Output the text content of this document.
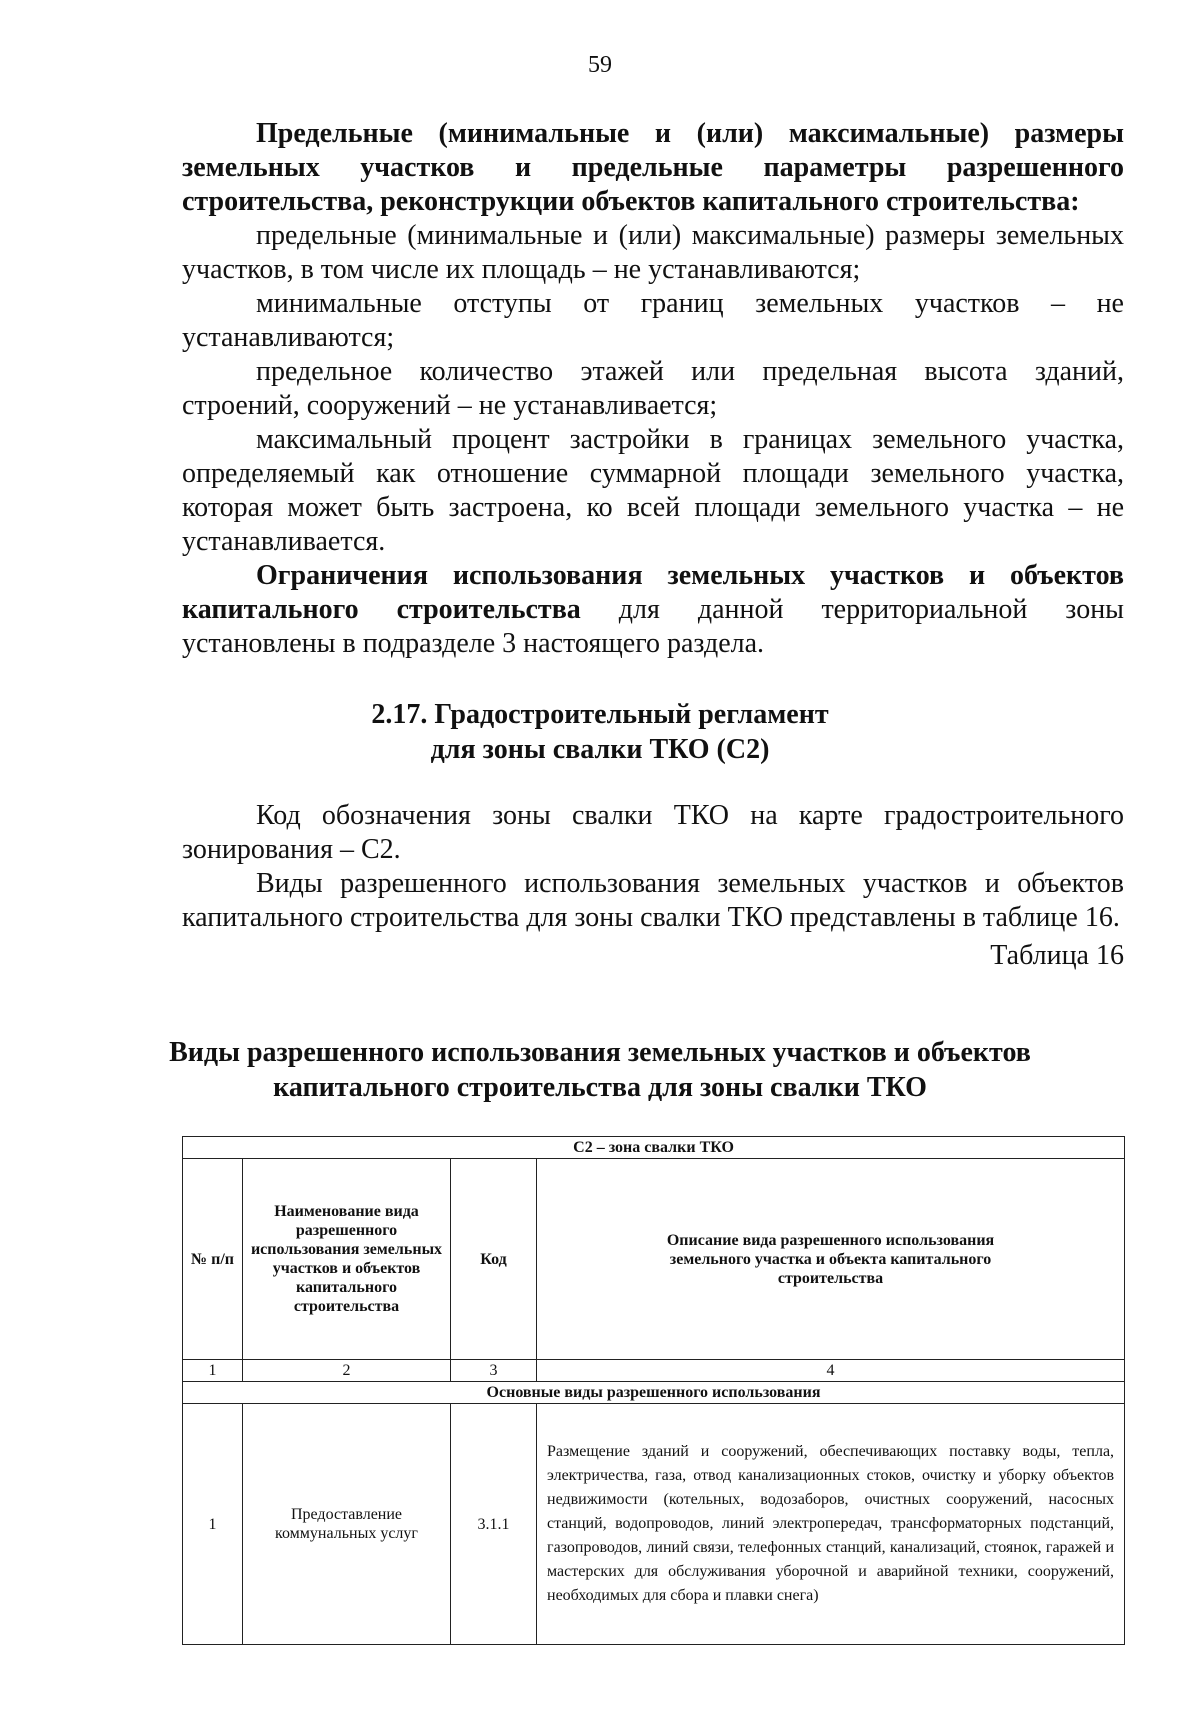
59

Предельные (минимальные и (или) максимальные) размеры земельных участков и предельные параметры разрешенного строительства, реконструкции объектов капитального строительства:

предельные (минимальные и (или) максимальные) размеры земельных участков, в том числе их площадь – не устанавливаются;

минимальные отступы от границ земельных участков – не устанавливаются;

предельное количество этажей или предельная высота зданий, строений, сооружений – не устанавливается;

максимальный процент застройки в границах земельного участка, определяемый как отношение суммарной площади земельного участка, которая может быть застроена, ко всей площади земельного участка – не устанавливается.

Ограничения использования земельных участков и объектов капитального строительства для данной территориальной зоны установлены в подразделе 3 настоящего раздела.

2.17. Градостроительный регламент
для зоны свалки ТКО (С2)

Код обозначения зоны свалки ТКО на карте градостроительного зонирования – С2.

Виды разрешенного использования земельных участков и объектов капитального строительства для зоны свалки ТКО представлены в таблице 16.

Таблица 16

Виды разрешенного использования земельных участков и объектов
капитального строительства для зоны свалки ТКО
С2 – зона свалки ТКО			
№ п/п	Наименование вида разрешенного использования земельных участков и объектов капитального строительства	Код	Описание вида разрешенного использования земельного участка и объекта капитального строительства
1	2	3	4
Основные виды разрешенного использования			
1	Предоставление коммунальных услуг	3.1.1	Размещение зданий и сооружений, обеспечивающих поставку воды, тепла, электричества, газа, отвод канализационных стоков, очистку и уборку объектов недвижимости (котельных, водозаборов, очистных сооружений, насосных станций, водопроводов, линий электропередач, трансформаторных подстанций, газопроводов, линий связи, телефонных станций, канализаций, стоянок, гаражей и мастерских для обслуживания уборочной и аварийной техники, сооружений, необходимых для сбора и плавки снега)
